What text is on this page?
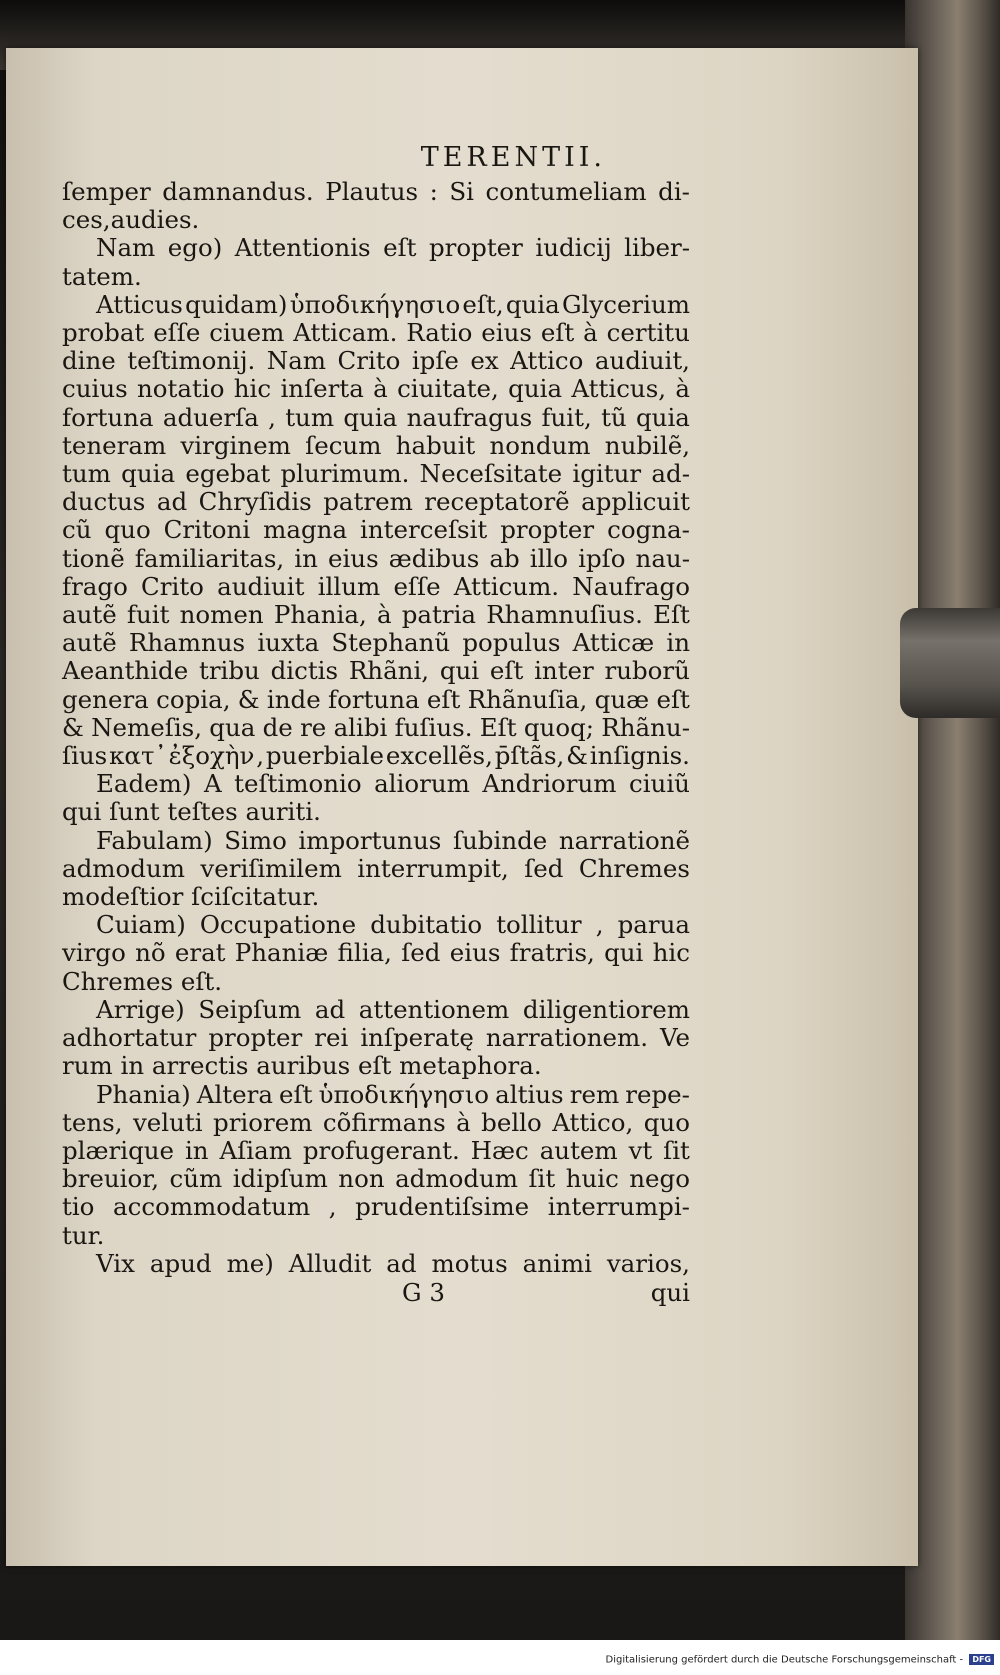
TERENTII.
ſemper damnandus. Plautus : Si contumeliam di-
ces,audies.
Nam ego) Attentionis eſt propter iudicij liber-
tatem.
Atticus quidam) ὑποδικήγησιο eſt, quia Glycerium
probat eſſe ciuem Atticam. Ratio eius eſt à certitu
dine teſtimonij. Nam Crito ipſe ex Attico audiuit,
cuius notatio hic inſerta à ciuitate, quia Atticus, à
fortuna aduerſa , tum quia naufragus fuit, tũ quia
teneram virginem ſecum habuit nondum nubilẽ,
tum quia egebat plurimum. Neceſsitate igitur ad-
ductus ad Chryſidis patrem receptatorẽ applicuit
cũ quo Critoni magna interceſsit propter cogna-
tionẽ familiaritas, in eius ædibus ab illo ipſo nau-
frago Crito audiuit illum eſſe Atticum. Naufrago
autẽ fuit nomen Phania, à patria Rhamnuſius. Eſt
autẽ Rhamnus iuxta Stephanũ populus Atticæ in
Aeanthide tribu dictis Rhãni, qui eſt inter ruborũ
genera copia, & inde fortuna eſt Rhãnuſia, quæ eſt
& Nemeſis, qua de re alibi fuſius. Eſt quoq; Rhãnu-
ſius κατ᾽ ἐξοχὴν , puerbiale excellẽs, p̄ſtãs, & inſignis.
Eadem) A teſtimonio aliorum Andriorum ciuiũ
qui ſunt teſtes auriti.
Fabulam) Simo importunus ſubinde narrationẽ
admodum veriſimilem interrumpit, ſed Chremes
modeſtior ſciſcitatur.
Cuiam) Occupatione dubitatio tollitur , parua
virgo nõ erat Phaniæ filia, ſed eius fratris, qui hic
Chremes eſt.
Arrige) Seipſum ad attentionem diligentiorem
adhortatur propter rei inſperatę narrationem. Ve
rum in arrectis auribus eſt metaphora.
Phania) Altera eſt ὑποδικήγησιο altius rem repe-
tens, veluti priorem cõfirmans à bello Attico, quo
plærique in Aſiam profugerant. Hæc autem vt ſit
breuior, cũm idipſum non admodum ſit huic nego
tio accommodatum , prudentiſsime interrumpi-
tur.
Vix apud me) Alludit ad motus animi varios,
G 3	qui
Digitalisierung gefördert durch die Deutsche Forschungsgemeinschaft - DFG
